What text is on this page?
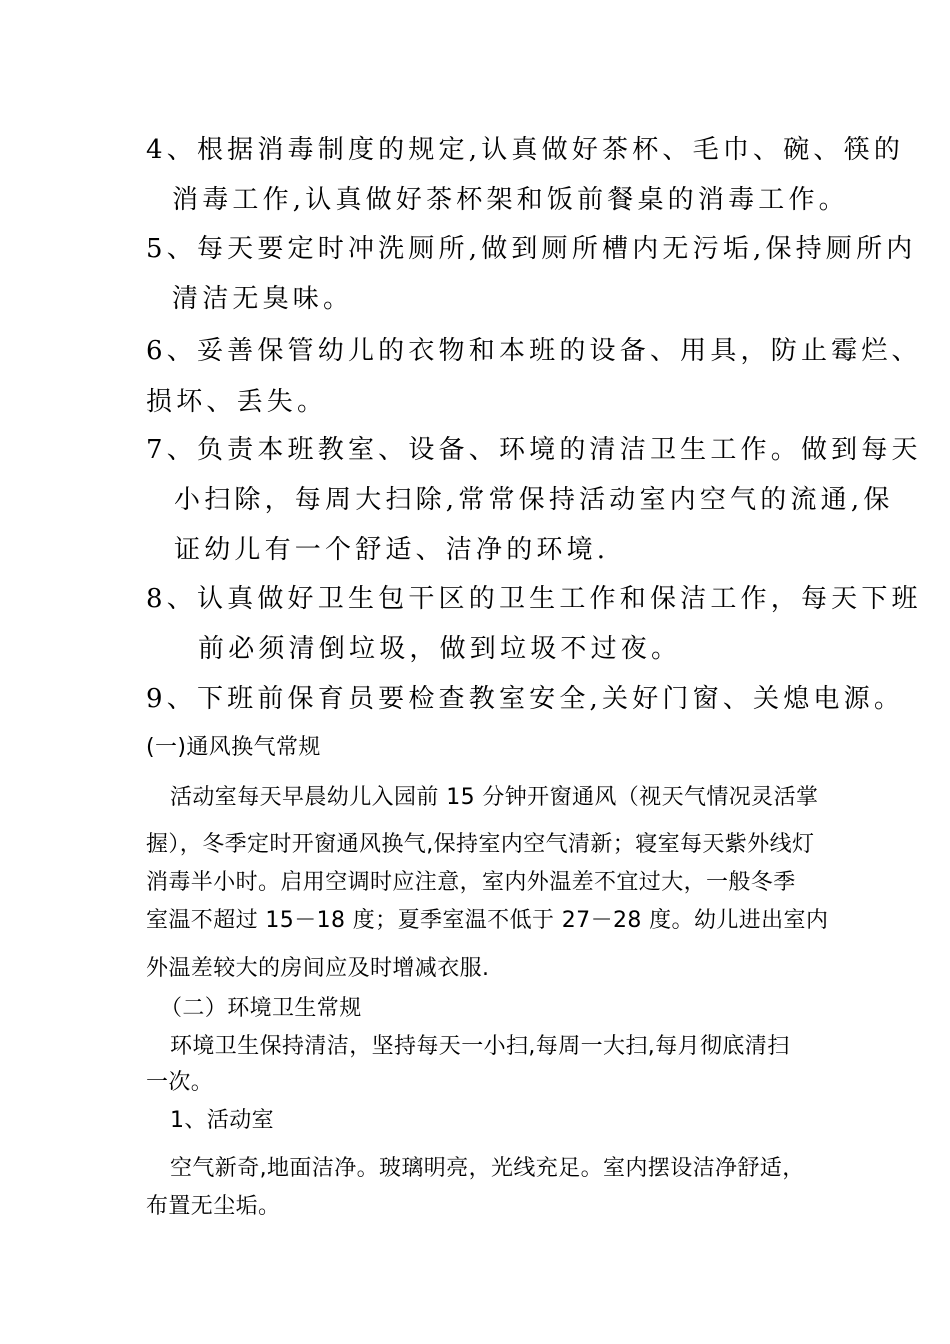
4、根据消毒制度的规定,认真做好茶杯、毛巾、碗、筷的
消毒工作,认真做好茶杯架和饭前餐桌的消毒工作。
5、每天要定时冲洗厕所,做到厕所槽内无污垢,保持厕所内
清洁无臭味。
6、妥善保管幼儿的衣物和本班的设备、用具，防止霉烂、
损坏、丢失。
7、负责本班教室、设备、环境的清洁卫生工作。做到每天
小扫除，每周大扫除,常常保持活动室内空气的流通,保
证幼儿有一个舒适、洁净的环境.
8、认真做好卫生包干区的卫生工作和保洁工作，每天下班
前必须清倒垃圾，做到垃圾不过夜。
9、下班前保育员要检查教室安全,关好门窗、关熄电源。
(一)通风换气常规
活动室每天早晨幼儿入园前 15 分钟开窗通风（视天气情况灵活掌
握），冬季定时开窗通风换气,保持室内空气清新；寝室每天紫外线灯
消毒半小时。启用空调时应注意，室内外温差不宜过大，一般冬季
室温不超过 15－18 度；夏季室温不低于 27－28 度。幼儿进出室内
外温差较大的房间应及时增减衣服.
（二）环境卫生常规
环境卫生保持清洁，坚持每天一小扫,每周一大扫,每月彻底清扫
一次。
1、活动室
空气新奇,地面洁净。玻璃明亮，光线充足。室内摆设洁净舒适，
布置无尘垢。
